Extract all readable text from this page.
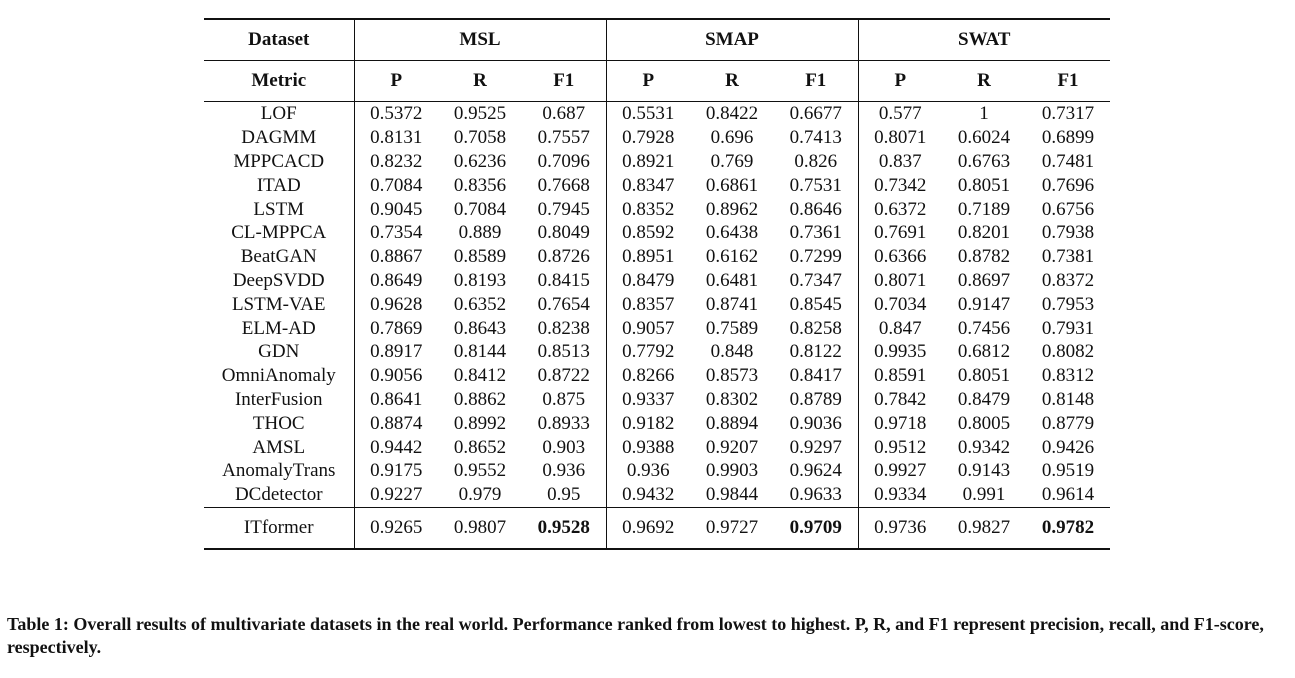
Dataset	MSL			SMAP			SWAT		
Metric	P	R	F1	P	R	F1	P	R	F1
LOF	0.5372	0.9525	0.687	0.5531	0.8422	0.6677	0.577	1	0.7317
DAGMM	0.8131	0.7058	0.7557	0.7928	0.696	0.7413	0.8071	0.6024	0.6899
MPPCACD	0.8232	0.6236	0.7096	0.8921	0.769	0.826	0.837	0.6763	0.7481
ITAD	0.7084	0.8356	0.7668	0.8347	0.6861	0.7531	0.7342	0.8051	0.7696
LSTM	0.9045	0.7084	0.7945	0.8352	0.8962	0.8646	0.6372	0.7189	0.6756
CL-MPPCA	0.7354	0.889	0.8049	0.8592	0.6438	0.7361	0.7691	0.8201	0.7938
BeatGAN	0.8867	0.8589	0.8726	0.8951	0.6162	0.7299	0.6366	0.8782	0.7381
DeepSVDD	0.8649	0.8193	0.8415	0.8479	0.6481	0.7347	0.8071	0.8697	0.8372
LSTM-VAE	0.9628	0.6352	0.7654	0.8357	0.8741	0.8545	0.7034	0.9147	0.7953
ELM-AD	0.7869	0.8643	0.8238	0.9057	0.7589	0.8258	0.847	0.7456	0.7931
GDN	0.8917	0.8144	0.8513	0.7792	0.848	0.8122	0.9935	0.6812	0.8082
OmniAnomaly	0.9056	0.8412	0.8722	0.8266	0.8573	0.8417	0.8591	0.8051	0.8312
InterFusion	0.8641	0.8862	0.875	0.9337	0.8302	0.8789	0.7842	0.8479	0.8148
THOC	0.8874	0.8992	0.8933	0.9182	0.8894	0.9036	0.9718	0.8005	0.8779
AMSL	0.9442	0.8652	0.903	0.9388	0.9207	0.9297	0.9512	0.9342	0.9426
AnomalyTrans	0.9175	0.9552	0.936	0.936	0.9903	0.9624	0.9927	0.9143	0.9519
DCdetector	0.9227	0.979	0.95	0.9432	0.9844	0.9633	0.9334	0.991	0.9614
ITformer	0.9265	0.9807	0.9528	0.9692	0.9727	0.9709	0.9736	0.9827	0.9782

Table 1: Overall results of multivariate datasets in the real world. Performance ranked from lowest to highest. P, R, and F1 represent precision, recall, and F1-score, respectively.
